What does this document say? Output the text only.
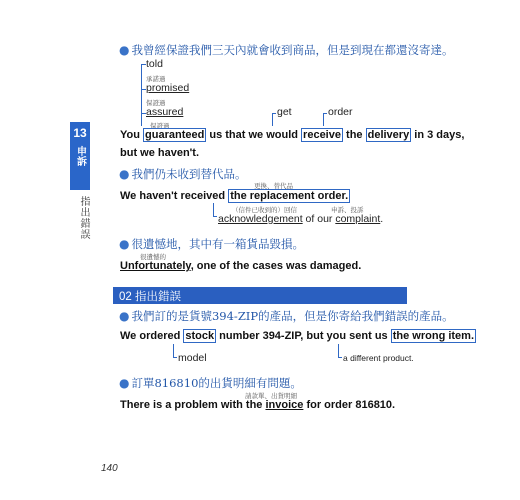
13
申訴
指出錯誤
● 我曾經保證我們三天內就會收到商品，但是到現在都還沒寄達。
told
承諾過
promised
保證過
assured
保證過
get	order
You guaranteed us that we would receive the delivery in 3 days,
but we haven't.
● 我們仍未收到替代品。
更換、替代品
We haven't received the replacement order.
（信件已收到的）回信	申訴、投訴
acknowledgement of our complaint.
● 很遺憾地，其中有一箱貨品毀損。
很遺憾的
Unfortunately, one of the cases was damaged.
02 指出錯誤
● 我們訂的是貨號394-ZIP的產品，但是你寄給我們錯誤的產品。
We ordered stock number 394-ZIP, but you sent us the wrong item.
model	a different product.
● 訂單816810的出貨明細有問題。
請款單、出貨明細
There is a problem with the invoice for order 816810.
140
